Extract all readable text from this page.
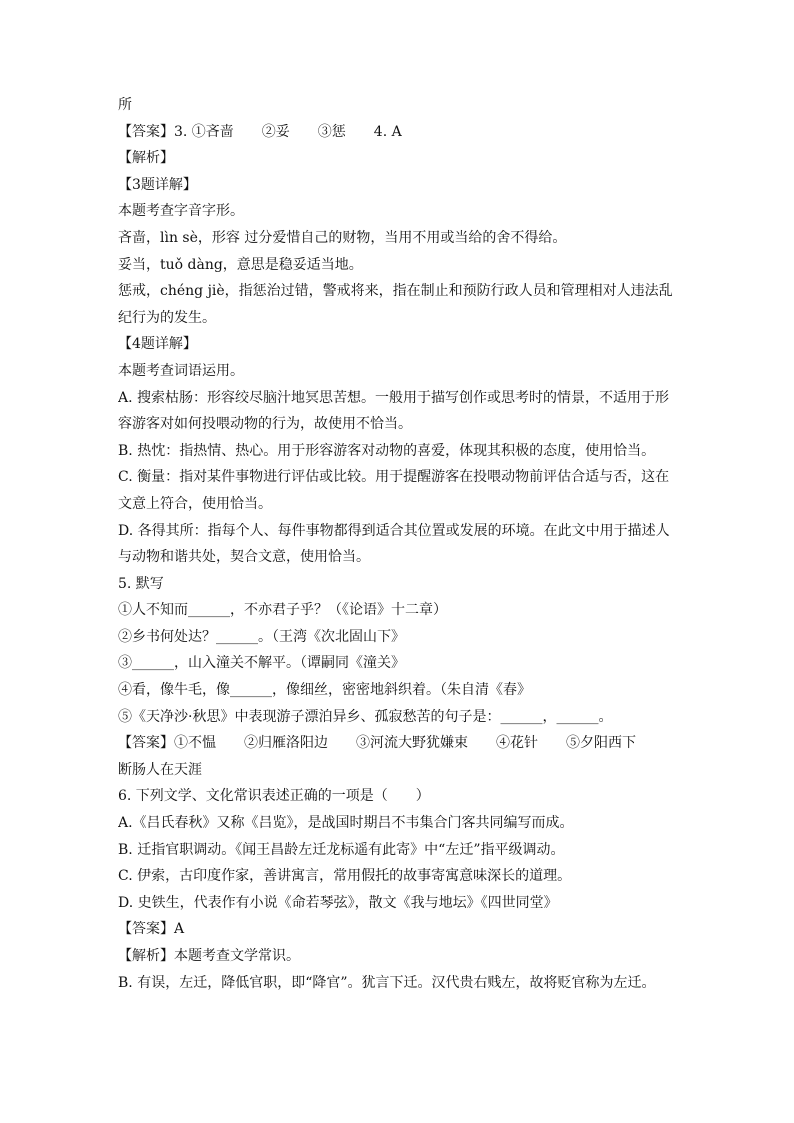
所
【答案】3. ①吝啬　　②妥　　③惩　　4. A
【解析】
【3题详解】
本题考查字音字形。
吝啬，lìn sè，形容 过分爱惜自己的财物，当用不用或当给的舍不得给。
妥当，tuǒ dàng，意思是稳妥适当地。
惩戒，chéng jiè，指惩治过错，警戒将来，指在制止和预防行政人员和管理相对人违法乱
纪行为的发生。
【4题详解】
本题考查词语运用。
A. 搜索枯肠：形容绞尽脑汁地冥思苦想。一般用于描写创作或思考时的情景，不适用于形
容游客对如何投喂动物的行为，故使用不恰当。
B. 热忱：指热情、热心。用于形容游客对动物的喜爱，体现其积极的态度，使用恰当。
C. 衡量：指对某件事物进行评估或比较。用于提醒游客在投喂动物前评估合适与否，这在
文意上符合，使用恰当。
D. 各得其所：指每个人、每件事物都得到适合其位置或发展的环境。在此文中用于描述人
与动物和谐共处，契合文意，使用恰当。
5. 默写
①人不知而______，不亦君子乎？（《论语》十二章）
②乡书何处达？______。（王湾《次北固山下》
③______，山入潼关不解平。（谭嗣同《潼关》
④看，像牛毛，像______，像细丝，密密地斜织着。（朱自清《春》
⑤《天净沙·秋思》中表现游子漂泊异乡、孤寂愁苦的句子是：______，______。
【答案】①不愠　　②归雁洛阳边　　③河流大野犹嫌束　　④花针　　⑤夕阳西下
断肠人在天涯
6. 下列文学、文化常识表述正确的一项是（　　）
A.《吕氏春秋》又称《吕览》，是战国时期吕不韦集合门客共同编写而成。
B. 迁指官职调动。《闻王昌龄左迁龙标遥有此寄》中“左迁”指平级调动。
C. 伊索，古印度作家，善讲寓言，常用假托的故事寄寓意味深长的道理。
D. 史铁生，代表作有小说《命若琴弦》，散文《我与地坛》《四世同堂》
【答案】A
【解析】本题考查文学常识。
B. 有误，左迁，降低官职，即“降官”。犹言下迁。汉代贵右贱左，故将贬官称为左迁。
